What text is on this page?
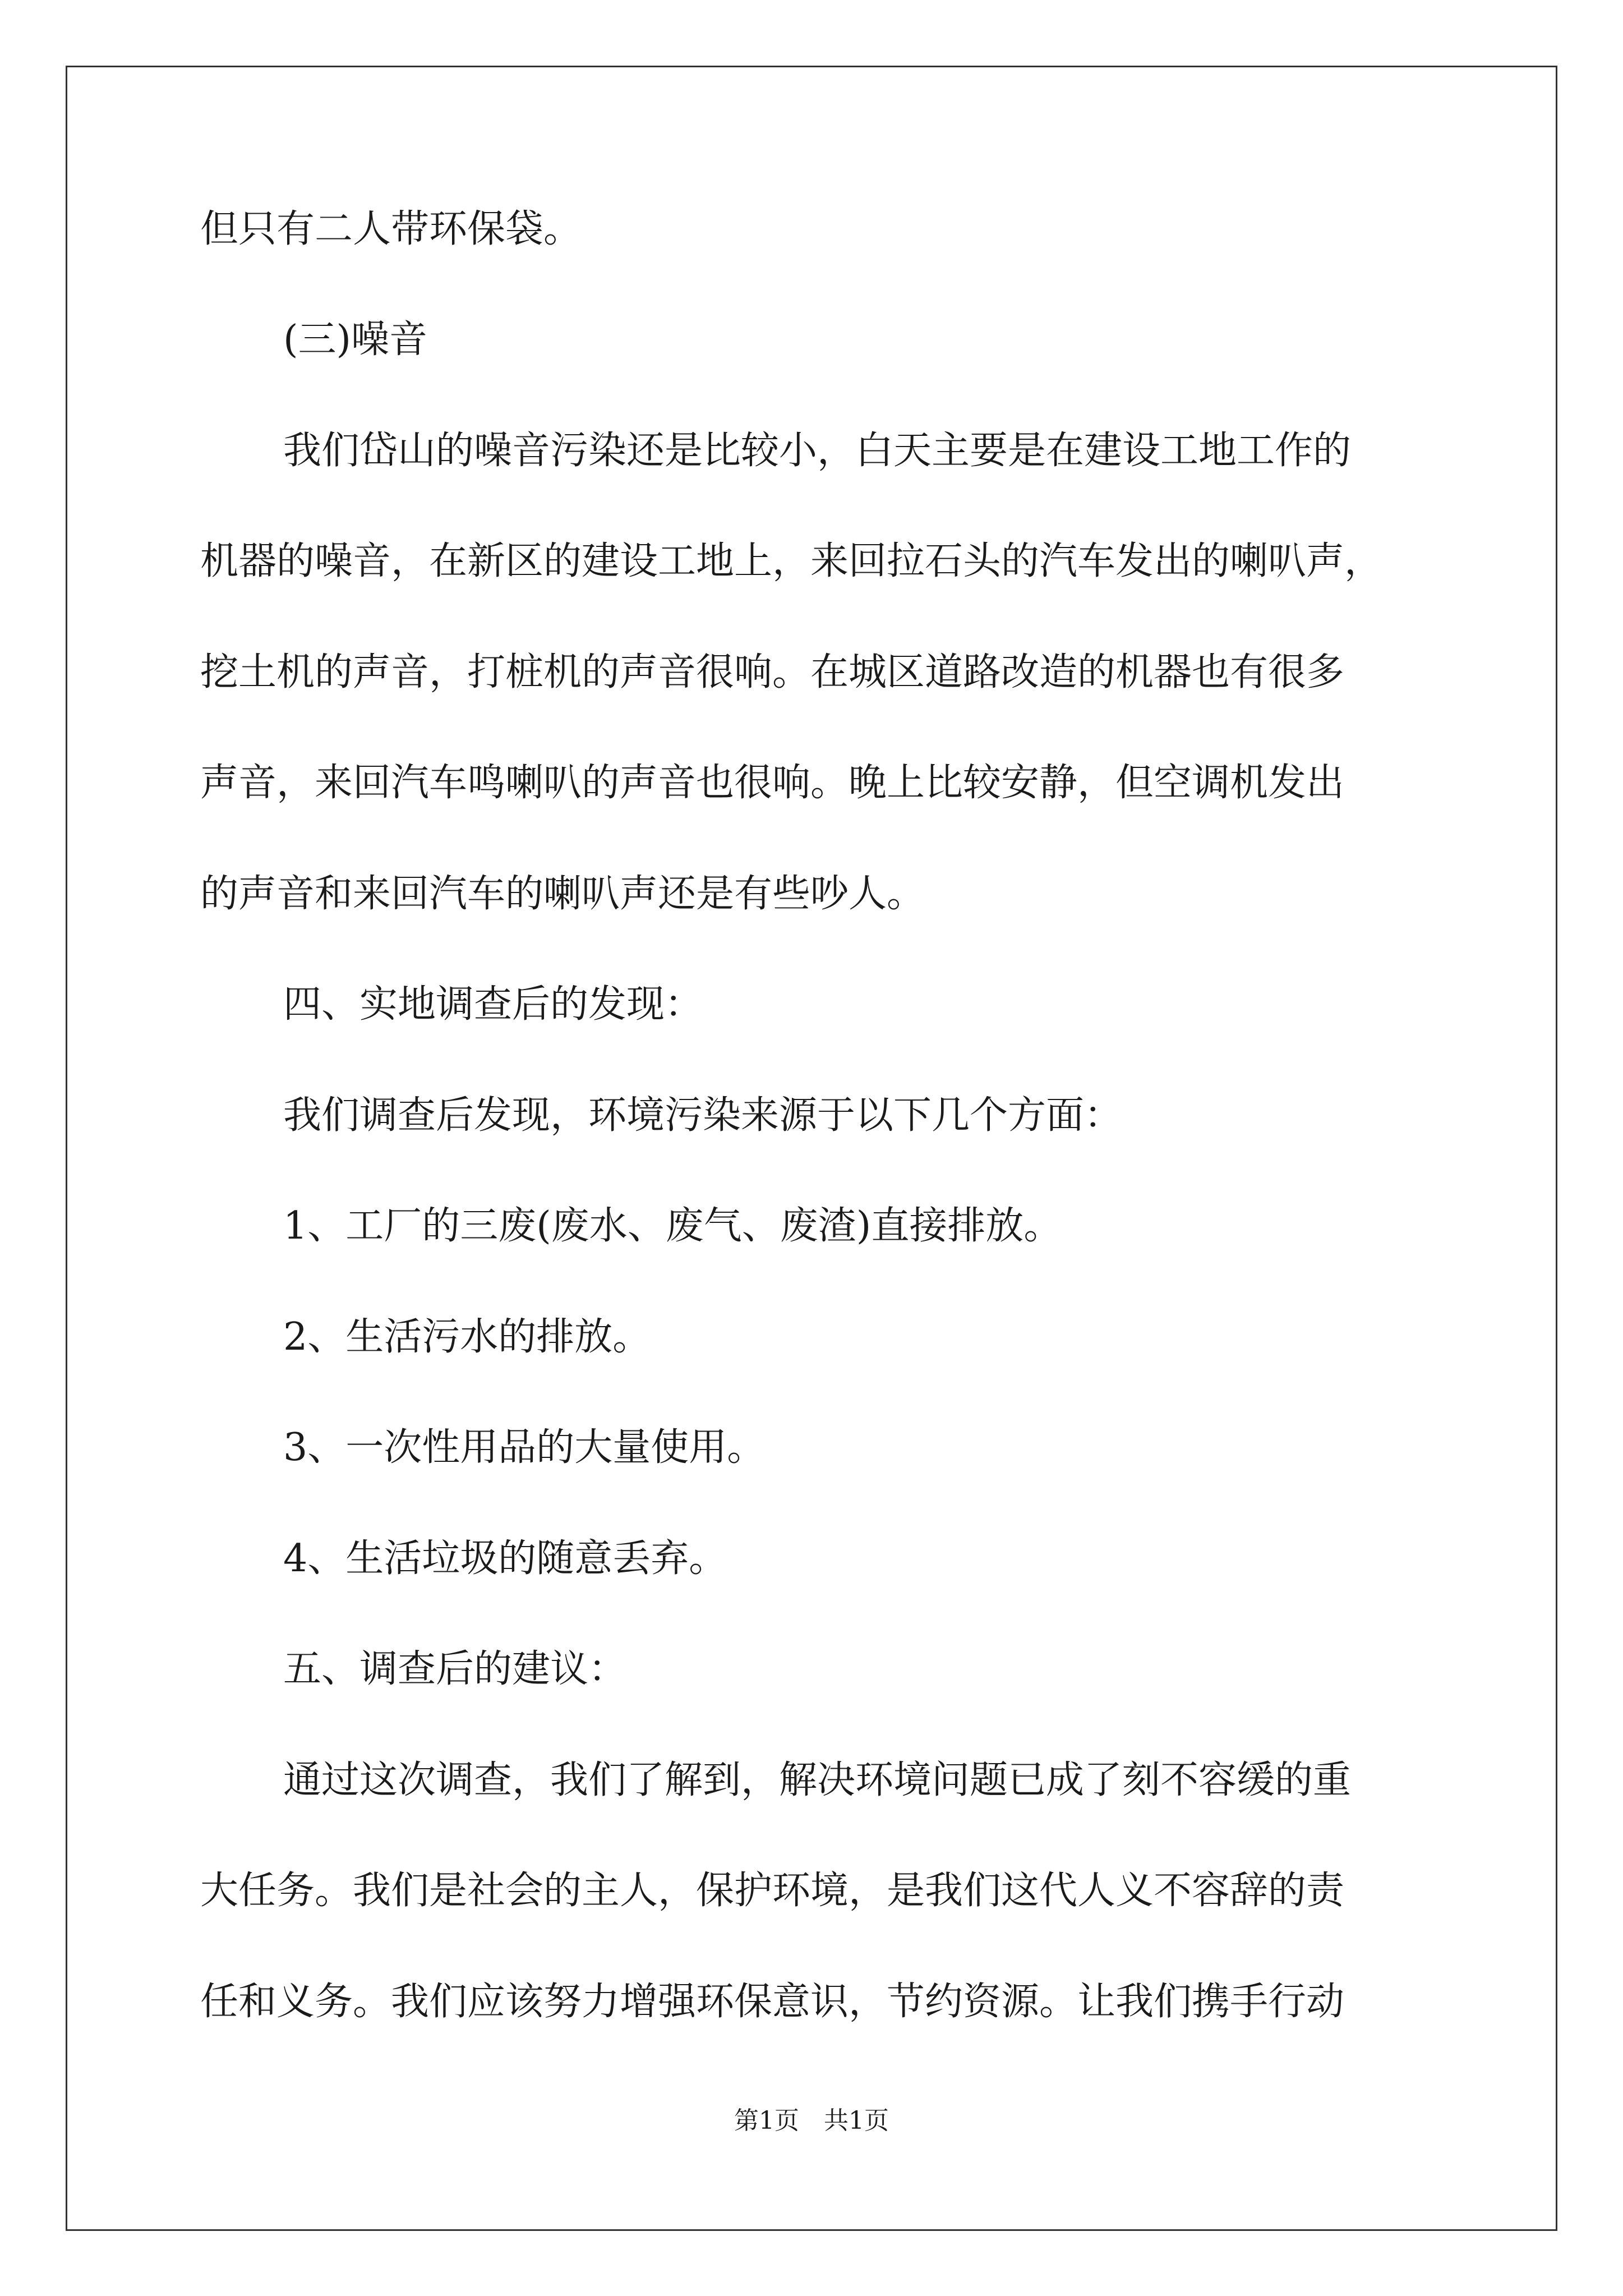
但只有二人带环保袋。
(三)噪音
我们岱山的噪音污染还是比较小，白天主要是在建设工地工作的
机器的噪音，在新区的建设工地上，来回拉石头的汽车发出的喇叭声，
挖土机的声音，打桩机的声音很响。在城区道路改造的机器也有很多
声音，来回汽车鸣喇叭的声音也很响。晚上比较安静，但空调机发出
的声音和来回汽车的喇叭声还是有些吵人。
四、实地调查后的发现：
我们调查后发现，环境污染来源于以下几个方面：
1、工厂的三废(废水、废气、废渣)直接排放。
2、生活污水的排放。
3、一次性用品的大量使用。
4、生活垃圾的随意丢弃。
五、调查后的建议：
通过这次调查，我们了解到，解决环境问题已成了刻不容缓的重
大任务。我们是社会的主人，保护环境，是我们这代人义不容辞的责
任和义务。我们应该努力增强环保意识，节约资源。让我们携手行动
第1页　共1页
